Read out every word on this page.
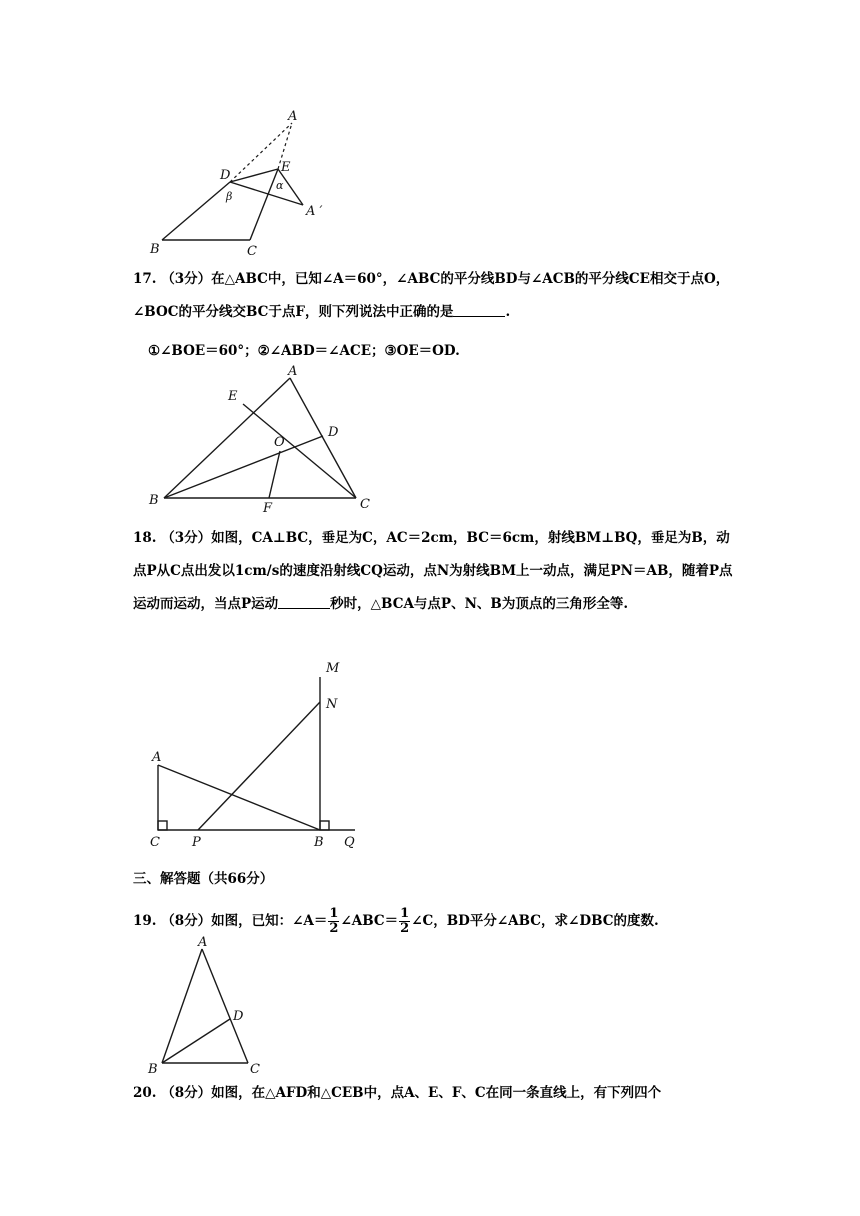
A
D
E
α
β
A ′
B	C
17. （3分）在△ABC中，已知∠A＝60°，∠ABC的平分线BD与∠ACB的平分线CE相交于点O，∠BOC的平分线交BC于点F，则下列说法中正确的是	.
①∠BOE＝60°；②∠ABD＝∠ACE；③OE＝OD.
A
E
D
O
B
F	C
18. （3分）如图，CA⊥BC，垂足为C，AC＝2cm，BC＝6cm，射线BM⊥BQ，垂足为B，动点P从C点出发以1cm/s的速度沿射线CQ运动，点N为射线BM上一动点，满足PN＝AB，随着P点运动而运动，当点P运动	秒时，△BCA与点P、N、B为顶点的三角形全等.
M
N
A
C P	B Q
三、解答题（共66分）
19. （8分）如图，已知：∠A＝ $\frac{1}{2}$ ∠ABC＝ $\frac{1}{2}$ ∠C，BD平分∠ABC，求∠DBC的度数.
A
D
B	C
20. （8分）如图，在△AFD和△CEB中，点A、E、F、C在同一条直线上，有下列四个
